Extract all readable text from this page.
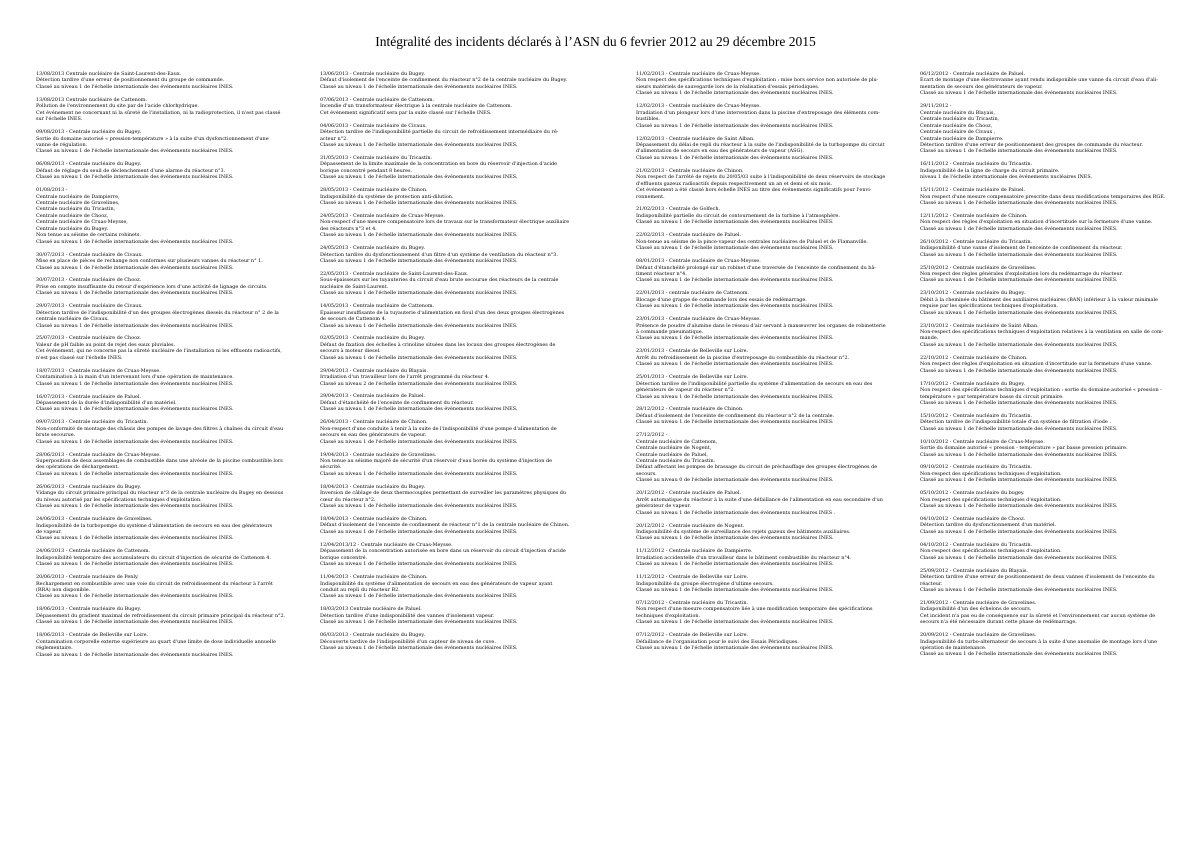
Intégralité des incidents déclarés à l’ASN du 6 fevrier 2012 au 29 décembre 2015
13/08/2013 Centrale nucléaire de Saint-Laurent-des-Eaux.
Détection tardive d'une erreur de positionnement du groupe de commande.
Classé au niveau 1 de l'échelle internationale des événements nucléaires INES.
13/08/2013 Centrale nucléaire de Cattenom.
Pollution de l'environnement du site par de l'acide chlorhydrique.
Cet événement ne concernant ni la sûreté de l'installation, ni la radioprotection, il n'est pas classé
sur l'échelle INES.
09/08/2013 - Centrale nucléaire du Bugey.
Sortie du domaine autorisé « pression-température » à la suite d'un dysfonctionnement d'une
vanne de régulation.
Classé au niveau 1 de l'échelle internationale des événements nucléaires INES.
06/08/2013 - Centrale nucléaire du Bugey.
Défaut de réglage du seuil de déclenchement d'une alarme du réacteur n°3.
Classé au niveau 1 de l'échelle internationale des événements nucléaires INES.
01/08/2013 -
Centrale nucléaire de Dampierre,
Centrale nucléaire de Gravelines,
Centrale nucléaire du Tricastin,
Centrale nucléaire de Chooz,
Centrale nucléaire de Cruas-Meysse,
Centrale nucléaire du Bugey.
Non tenue au séisme de certains robinets.
Classé au niveau 1 de l'échelle internationale des événements nucléaires INES.
30/07/2013 - Centrale nucléaire de Civaux.
Mise en place de pièces de rechange non conformes sur plusieurs vannes du réacteur n° 1.
Classé au niveau 1 de l'échelle internationale des événements nucléaires INES.
30/07/2013 - Centrale nucléaire de Chooz.
Prise en compte insuffisante du retour d'expérience lors d'une activité de lignage de circuits.
Classé au niveau 1 de l'échelle internationale des événements nucléaires INES.
29/07/2013 - Centrale nucléaire de Civaux.
Détection tardive de l'indisponibilité d'un des groupes électrogènes diesels du réacteur n° 2 de la
centrale nucléaire de Civaux.
Classé au niveau 1 de l'échelle internationale des événements nucléaires INES.
25/07/2013 - Centrale nucléaire de Chooz.
Valeur de pH faible au point de rejet des eaux pluviales.
Cet événement, qui ne concerne pas la sûreté nucléaire de l'installation ni les effluents radioactifs,
n'est pas classé sur l'échelle INES.
18/07/2013 - Centrale nucléaire de Cruas-Meysse.
Contamination à la main d'un intervenant lors d'une opération de maintenance.
Classé au niveau 1 de l'échelle internationale des événements nucléaires INES.
16/07/2013 - Centrale nucléaire de Paluel.
Dépassement de la durée d'indisponibilité d'un matériel.
Classé au niveau 1 de l'échelle internationale des événements nucléaires INES.
09/07/2013 - Centrale nucléaire du Tricastin.
Non-conformité de montage des châssis des pompes de lavage des filtres à chaînes du circuit d'eau
brute secourue.
Classé au niveau 1 de l'échelle internationale des événements nucléaires INES.
28/06/2013 - Centrale nucléaire de Cruas-Meysse.
Superposition de deux assemblages de combustible dans une alvéole de la piscine combustible lors
des opérations de déchargement.
Classé au niveau 1 de l'échelle internationale des événements nucléaires INES.
26/06/2013 - Centrale nucléaire du Bugey.
Vidange du circuit primaire principal du réacteur n°3 de la centrale nucléaire du Bugey en dessous
du niveau autorisé par les spécifications techniques d'exploitation.
Classé au niveau 1 de l'échelle internationale des événements nucléaires INES.
24/06/2013 - Centrale nucléaire de Gravelines.
Indisponibilité de la turbopompe du système d'alimentation de secours en eau des générateurs
de vapeur.
Classé au niveau 1 de l'échelle internationale des événements nucléaires INES.
24/06/2013 - Centrale nucléaire de Cattenom.
Indisponibilité temporaire des accumulateurs du circuit d'injection de sécurité de Cattenom 4.
Classé au niveau 1 de l'échelle internationale des événements nucléaires INES.
20/06/2013 - Centrale nucléaire de Penly.
Rechargement en combustible avec une voie du circuit de refroidissement du réacteur à l'arrêt
(RRA) non disponible.
Classé au niveau 1 de l'échelle internationale des événements nucléaires INES.
18/06/2013 - Centrale nucléaire du Bugey.
Dépassement du gradient maximal de refroidissement du circuit primaire principal du réacteur n°2.
Classé au niveau 1 de l'échelle internationale des événements nucléaires INES.
18/06/2013 - Centrale de Belleville sur Loire.
Contamination corporelle externe supérieure au quart d'une limite de dose individuelle annuelle
réglementaire.
Classé au niveau 1 de l'échelle internationale des événements nucléaires INES.
13/06/2013 - Centrale nucléaire du Bugey.
Défaut d'isolement de l'enceinte de confinement du réacteur n°2 de la centrale nucléaire du Bugey.
Classé au niveau 1 de l'échelle internationale des événements nucléaires INES.
07/06/2013 - Centrale nucléaire de Cattenom.
Incendie d'un transformateur électrique à la centrale nucléaire de Cattenom.
Cet événement significatif sera par la suite classé sur l'échelle INES.
04/06/2013 - Centrale nucléaire de Civaux.
Détection tardive de l'indisponibilité partielle du circuit de refroidissement intermédiaire du ré-
acteur n°2.
Classé au niveau 1 de l'échelle internationale des événements nucléaires INES.
31/05/2013 - Centrale nucléaire du Tricastin.
Dépassement de la limite maximale de la concentration en bore du réservoir d'injection d'acide
borique concentré pendant 8 heures.
Classé au niveau 1 de l'échelle internationale des événements nucléaires INES.
28/05/2013 - Centrale nucléaire de Chinon.
Indisponibilité du système de protection anti-dilution.
Classé au niveau 1 de l'échelle internationale des événements nucléaires INES.
24/05/2013 - Centrale nucléaire de Cruas-Meysse.
Non-respect d'une mesure compensatoire lors de travaux sur le transformateur électrique auxiliaire
des réacteurs n°3 et 4.
Classé au niveau 1 de l'échelle internationale des événements nucléaires INES.
24/05/2013 - Centrale nucléaire du Bugey.
Détection tardive du dysfonctionnement d'un filtre d'un système de ventilation du réacteur n°3.
Classé au niveau 1 de l'échelle internationale des événements nucléaires INES.
22/05/2013 - Centrale nucléaire de Saint-Laurent-des-Eaux.
Sous-épaisseurs sur les tuyauteries du circuit d'eau brute secourue des réacteurs de la centrale
nucléaire de Saint-Laurent.
Classé au niveau 1 de l'échelle internationale des événements nucléaires INES.
14/05/2013 - Centrale nucléaire de Cattenom.
Épaisseur insuffisante de la tuyauterie d'alimentation en fioul d'un des deux groupes électrogènes
de secours de Cattenom 4.
Classé au niveau 1 de l'échelle internationale des événements nucléaires INES.
02/05/2013 - Centrale nucléaire du Bugey.
Défaut de fixation des échelles à crinoline situées dans les locaux des groupes électrogènes de
secours à moteur diesel.
Classé au niveau 1 de l'échelle internationale des événements nucléaires INES.
29/04/2013 - Centrale nucléaire du Blayais.
Irradiation d'un travailleur lors de l'arrêt programmé du réacteur 4.
Classé au niveau 2 de l'échelle internationale des événements nucléaires INES.
29/04/2013 - Centrale nucléaire de Paluel.
Défaut d'étanchéité de l'enceinte de confinement du réacteur.
Classé au niveau 1 de l'échelle internationale des événements nucléaires INES.
26/04/2013 - Centrale nucléaire de Chinon.
Non-respect d'une conduite à tenir à la suite de l'indisponibilité d'une pompe d'alimentation de
secours en eau des générateurs de vapeur.
Classé au niveau 1 de l'échelle internationale des événements nucléaires INES.
19/04/2013 - Centrale nucléaire de Gravelines.
Non tenue au séisme majoré de sécurité d'un réservoir d'eau borée du système d'injection de
sécurité.
Classé au niveau 1 de l'échelle internationale des événements nucléaires INES.
18/04/2013 - Centrale nucléaire du Bugey.
Inversion de câblage de deux thermocouples permettant de surveiller les paramètres physiques du
cœur du réacteur n°2.
Classé au niveau 1 de l'échelle internationale des événements nucléaires INES.
18/04/2013 - Centrale nucléaire de Chinon.
Défaut d'isolement de l'enceinte de confinement de réacteur n°1 de la centrale nucléaire de Chinon.
Classé au niveau 1 de l'échelle internationale des événements nucléaires INES.
12/04/2013/12 - Centrale nucléaire de Cruas-Meysse.
Dépassement de la concentration autorisée en bore dans un réservoir du circuit d'injection d'acide
borique concentré.
Classé au niveau 1 de l'échelle internationale des événements nucléaires INES.
11/04/2013 - Centrale nucléaire de Chinon.
Indisponibilité du système d'alimentation de secours en eau des générateurs de vapeur ayant
conduit au repli du réacteur B2.
Classé au niveau 1 de l'échelle internationale des événements nucléaires INES.
18/03/2013 Centrale nucléaire de Paluel.
Détection tardive d'une indisponibilité des vannes d'isolement vapeur.
Classé au niveau 1 de l'échelle internationale des événements nucléaires INES.
06/03/2013 - Centrale nucléaire du Bugey.
Découverte tardive de l'indisponibilité d'un capteur de niveau de cuve.
Classé au niveau 1 de l'échelle internationale des événements nucléaires INES.
11/02/2013 - Centrale nucléaire de Cruas-Meysse.
Non respect des spécifications techniques d'exploitation : mise hors service non autorisée de plu-
sieurs matériels de sauvegarde lors de la réalisation d'essais périodiques.
Classé au niveau 1 de l'échelle internationale des événements nucléaires INES.
12/02/2013 - Centrale nucléaire de Cruas-Meysse.
Irradiation d'un plongeur lors d'une intervention dans la piscine d'entreposage des éléments com-
bustibles.
Classé au niveau 1 de l'échelle internationale des événements nucléaires INES.
12/02/2013 - Centrale nucléaire de Saint Alban.
Dépassement du délai de repli du réacteur à la suite de l'indisponibilité de la turbopompe du circuit
d'alimentation de secours en eau des générateurs de vapeur (ASG).
Classé au niveau 1 de l'échelle internationale des événements nucléaires INES.
21/02/2013 - Centrale nucléaire de Chinon.
Non respect de l'arrêté de rejets du 20/05/03 suite à l'indisponibilité de deux réservoirs de stockage
d'effluents gazeux radioactifs depuis respectivement un an et demi et six mois.
Cet événement a été classé hors échelle INES au titre des événements significatifs pour l'envi-
ronnement.
21/02/2013 - Centrale de Golfech.
Indisponibilité partielle du circuit de contournement de la turbine à l'atmosphère.
Classé au niveau 1 de l'échelle internationale des événements nucléaires INES.
22/02/2013 - Centrale nucléaire de Paluel.
Non-tenue au séisme de la pince-vapeur des centrales nucléaires de Paluel et de Flamanville.
Classé au niveau 1 de l'échelle internationale des événements nucléaires INES.
08/01/2013 - Centrale nucléaire de Cruas-Meysse.
Défaut d'étanchéité prolongé sur un robinet d'une traversée de l'enceinte de confinement du bâ-
timent réacteur n°4.
Classé au niveau 1 de l'échelle internationale des événements nucléaires INES.
22/01/2013 - centrale nucléaire de Cattenom.
Blocage d'une grappe de commande lors des essais de redémarrage.
Classé au niveau 1 de l'échelle internationale des événements nucléaires INES.
23/01/2013 - Centrale nucléaire de Cruas-Meysse.
Présence de poudre d'alumine dans le réseau d'air servant à manœuvrer les organes de robinetterie
à commande pneumatique.
Classé au niveau 1 de l'échelle internationale des événements nucléaires INES.
23/01/2013 - Centrale de Belleville sur Loire.
Arrêt du refroidissement de la piscine d'entreposage du combustible du réacteur n°2.
Classé au niveau 1 de l'échelle internationale des événements nucléaires INES.
25/01/2013 - Centrale de Belleville sur Loire.
Détection tardive de l'indisponibilité partielle du système d'alimentation de secours en eau des
générateurs de vapeur du réacteur n°2.
Classé au niveau 1 de l'échelle internationale des événements nucléaires INES.
28/12/2012 - Centrale nucléaire de Chinon.
Défaut d'isolement de l'enceinte de confinement du réacteur n°2 de la centrale.
Classé au niveau 1 de l'échelle internationale des événements nucléaires INES.
27/12/2012 -
Centrale nucléaire de Cattenom,
Centrale nucléaire de Nogent,
Centrale nucléaire de Paluel,
Centrale nucléaire du Tricastin.
Défaut affectant les pompes de brassage du circuit de préchauffage des groupes électrogènes de
secours.
Classé au niveau 0 de l'échelle internationale des événements nucléaires INES.
20/12/2012 - Centrale nucléaire de Paluel.
Arrêt automatique du réacteur à la suite d'une défaillance de l'alimentation en eau secondaire d'un
générateur de vapeur.
Classé au niveau 1 de l'échelle internationale des événements nucléaires INES .
20/12/2012 - Centrale nucléaire de Nogent.
Indisponibilité du système de surveillance des rejets gazeux des bâtiments auxiliaires.
Classé au niveau 1 de l'échelle internationale des événements nucléaires INES.
11/12/2012 - Centrale nucléaire de Dampierre.
Irradiation accidentelle d'un travailleur dans le bâtiment combustible du réacteur n°4.
Classé au niveau 1 de l'échelle internationale des événements nucléaires INES.
11/12/2012 - Centrale de Belleville sur Loire.
Indisponibilité du groupe électrogène d'ultime secours.
Classé au niveau 1 de l'échelle internationale des événements nucléaires INES.
07/12/2012 - Centrale nucléaire du Tricastin.
Non respect d'une mesure compensatoire liée à une modification temporaire des spécifications
techniques d'exploitation.
Classé au niveau 1 de l'échelle internationale des événements nucléaires INES.
07/12/2012 - Centrale de Belleville sur Loire.
Défaillance de l'organisation pour le suivi des Essais Périodiques.
Classé au niveau 1 de l'échelle internationale des événements nucléaires INES.
06/12/2012 - Centrale nucléaire de Paluel.
Écart de montage d'une électrovanne ayant rendu indisponible une vanne du circuit d'eau d'ali-
mentation de secours des générateurs de vapeur.
Classé au niveau 1 de l'échelle internationale des événements nucléaires INES.
29/11/2012 -
Centrale nucléaire du Blayais,
Centrale nucléaire du Tricastin,
Centrale nucléaire de Chooz,
Centrale nucléaire de Civaux ,
Centrale nucléaire de Dampierre.
Détection tardive d'une erreur de positionnement des groupes de commande du réacteur.
Classé au niveau 1 de l'échelle internationale des événements nucléaires INES.
16/11/2012 - Centrale nucléaire du Tricastin.
Indisponibilité de la ligne de charge du circuit primaire.
niveau 1 de l'échelle internationale des événements nucléaires INES.
15/11/2012 - Centrale nucléaire de Paluel.
Non respect d'une mesure compensatoire prescrite dans deux modifications temporaires des RGE.
Classé au niveau 1 de l'échelle internationale des événements nucléaires INES.
12/11/2012 - Centrale nucléaire de Chinon.
Non respect des règles d'exploitation en situation d'incertitude sur la fermeture d'une vanne.
Classé au niveau 1 de l'échelle internationale des événements nucléaires INES.
26/10/2012 - Centrale nucléaire du Tricastin.
Indisponibilité d'une vanne d'isolement de l'enceinte de confinement du réacteur.
Classé au niveau 1 de l'échelle internationale des événements nucléaires INES.
25/10/2012 - Centrale nucléaire de Gravelines.
Non respect des règles générales d'exploitation lors du redémarrage du réacteur.
Classé au niveau 1 de l'échelle internationale des événements nucléaires INES.
23/10/2012 - Centrale nucléaire du Bugey.
Débit à la cheminée du bâtiment des auxiliaires nucléaires (BAN) inférieur à la valeur minimale
requise par les spécifications techniques d'exploitation.
Classé au niveau 1 de l'échelle internationale des événements nucléaires INES.
23/10/2012 - Centrale nucléaire de Saint Alban.
Non-respect des spécifications techniques d'exploitation relatives à la ventilation en salle de com-
mande.
Classé au niveau 1 de l'échelle internationale des événements nucléaires INES.
22/10/2012 - Centrale nucléaire de Chinon.
Non respect des règles d'exploitation en situation d'incertitude sur la fermeture d'une vanne.
Classé au niveau 1 de l'échelle internationale des événements nucléaires INES.
17/10/2012 - Centrale nucléaire du Bugey.
Non respect des spécifications techniques d'exploitation : sortie du domaine autorisé « pression -
température » par température basse du circuit primaire.
Classé au niveau 1 de l'échelle internationale des événements nucléaires INES.
15/10/2012 - Centrale nucléaire du Tricastin.
Détection tardive de l'indisponibilité totale d'un système de filtration d'iode .
Classé au niveau 1 de l'échelle internationale des événements nucléaires INES.
10/10/2012 - Centrale nucléaire de Cruas-Meysse.
Sortie du domaine autorisé « pression - température » par basse pression primaire.
Classé au niveau 1 de l'échelle internationale des événements nucléaires INES.
09/10/2012 - Centrale nucléaire du Tricastin.
Non-respect des spécifications techniques d'exploitation.
Classé au niveau 1 de l'échelle internationale des événements nucléaires INES.
05/10/2012 - Centrale nucléaire du bugey.
Non respect des spécifications techniques d'exploitation.
Classé au niveau 1 de l'échelle internationale des événements nucléaires INES.
04/10/2012 - Centrale nucléaire de Chooz.
Détection tardive du dysfonctionnement d'un matériel.
Classé au niveau 1 de l'échelle internationale des événements nucléaires INES.
04/10/2012 - Centrale nucléaire du Tricastin.
Non-respect des spécifications techniques d'exploitation.
Classé au niveau 1 de l'échelle internationale des événements nucléaires INES.
25/09/2012 - Centrale nucléaire du Blayais.
Détection tardive d'une erreur de positionnement de deux vannes d'isolement de l'enceinte du
réacteur.
Classé au niveau 1 de l'échelle internationale des événements nucléaires INES.
21/09/2012 - Centrale nucléaire de Gravelines.
Indisponibilité d'un des échelons de secours.
Cet incident n'a pas eu de conséquence sur la sûreté et l'environnement car aucun système de
secours n'a été nécessaire durant cette phase de redémarrage.
20/09/2012 - Centrale nucléaire de Gravelines.
Indisponibilité du turbo-alternateur de secours à la suite d'une anomalie de montage lors d'une
opération de maintenance.
Classé au niveau 1 de l'échelle internationale des événements nucléaires INES.
